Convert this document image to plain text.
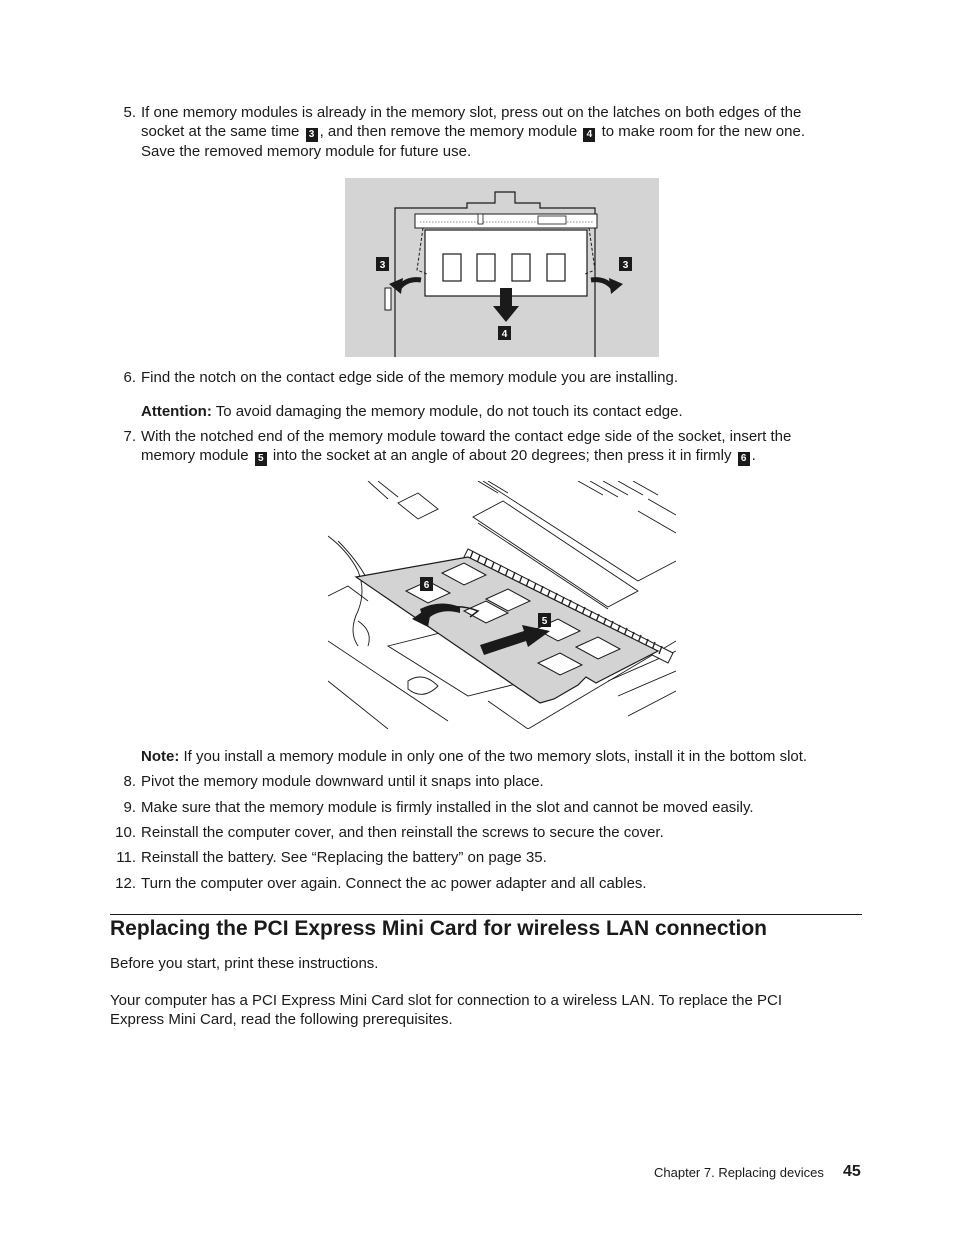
5. If one memory modules is already in the memory slot, press out on the latches on both edges of the
socket at the same time 3 , and then remove the memory module 4 to make room for the new one.
Save the removed memory module for future use.
3	3
4
6. Find the notch on the contact edge side of the memory module you are installing.
Attention: To avoid damaging the memory module, do not touch its contact edge.
7. With the notched end of the memory module toward the contact edge side of the socket, insert the
memory module 5 into the socket at an angle of about 20 degrees; then press it in firmly 6 .
6
5
Note: If you install a memory module in only one of the two memory slots, install it in the bottom slot.
8. Pivot the memory module downward until it snaps into place.
9. Make sure that the memory module is firmly installed in the slot and cannot be moved easily.
10. Reinstall the computer cover, and then reinstall the screws to secure the cover.
11. Reinstall the battery. See “Replacing the battery” on page 35.
12. Turn the computer over again. Connect the ac power adapter and all cables.
Replacing the PCI Express Mini Card for wireless LAN connection
Before you start, print these instructions.
Your computer has a PCI Express Mini Card slot for connection to a wireless LAN. To replace the PCI
Express Mini Card, read the following prerequisites.
Chapter 7. Replacing devices 45
